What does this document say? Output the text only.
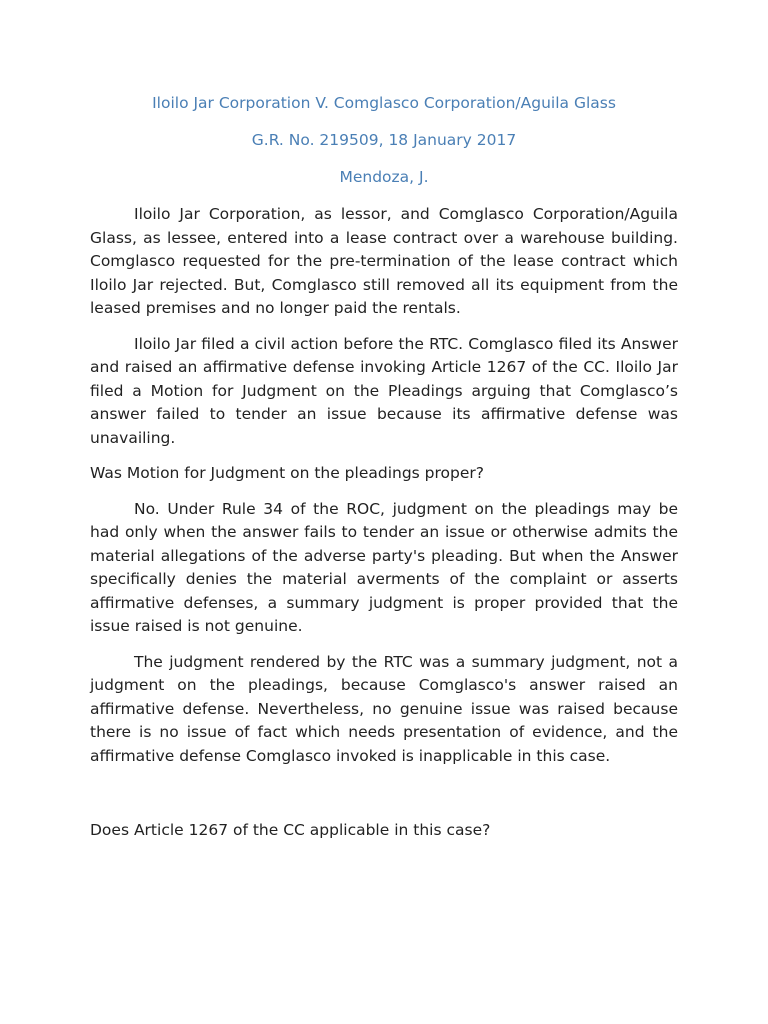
Iloilo Jar Corporation V. Comglasco Corporation/Aguila Glass
G.R. No. 219509, 18 January 2017
Mendoza, J.

Iloilo Jar Corporation, as lessor, and Comglasco Corporation/Aguila Glass, as lessee, entered into a lease contract over a warehouse building. Comglasco requested for the pre-termination of the lease contract which Iloilo Jar rejected. But, Comglasco still removed all its equipment from the leased premises and no longer paid the rentals.

Iloilo Jar filed a civil action before the RTC. Comglasco filed its Answer and raised an affirmative defense invoking Article 1267 of the CC. Iloilo Jar filed a Motion for Judgment on the Pleadings arguing that Comglasco’s answer failed to tender an issue because its affirmative defense was unavailing.

Was Motion for Judgment on the pleadings proper?

No. Under Rule 34 of the ROC, judgment on the pleadings may be had only when the answer fails to tender an issue or otherwise admits the material allegations of the adverse party's pleading. But when the Answer specifically denies the material averments of the complaint or asserts affirmative defenses, a summary judgment is proper provided that the issue raised is not genuine.

The judgment rendered by the RTC was a summary judgment, not a judgment on the pleadings, because Comglasco's answer raised an affirmative defense. Nevertheless, no genuine issue was raised because there is no issue of fact which needs presentation of evidence, and the affirmative defense Comglasco invoked is inapplicable in this case.

Does Article 1267 of the CC applicable in this case?
